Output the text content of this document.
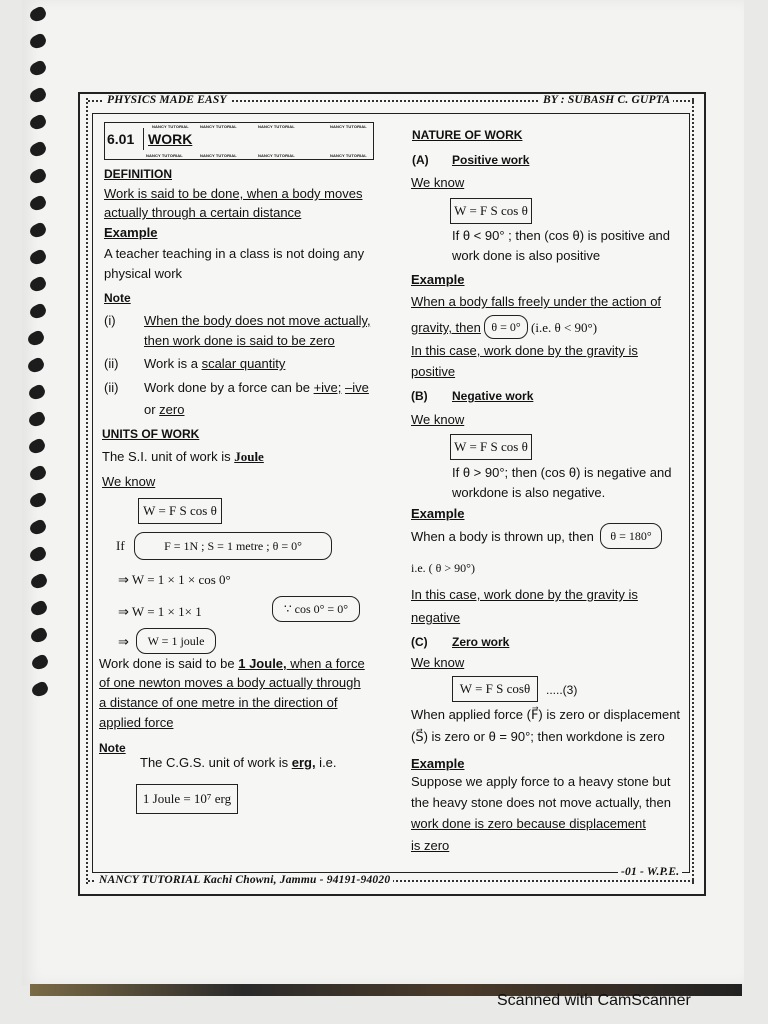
PHYSICS MADE EASY	BY : SUBASH C. GUPTA
NANCY TUTORIAL Kachi Chowni, Jammu - 94191-94020
-01 - W.P.E.
6.01 WORK
NANCY TUTORIAL	NANCY TUTORIAL	NANCY TUTORIAL	NANCY TUTORIAL
NANCY TUTORIAL	NANCY TUTORIAL	NANCY TUTORIAL	NANCY TUTORIAL
DEFINITION
Work is said to be done, when a body moves
actually through a certain distance
Example
A teacher teaching in a class is not doing any
physical work
Note
(i) When the body does not move actually,
then work done is said to be zero
(ii) Work is a scalar quantity
(ii) Work done by a force can be +ive; –ive
or zero
UNITS OF WORK
The S.I. unit of work is Joule
We know
W = F S cos θ
If	F = 1N ; S = 1 metre ; θ = 0°
⇒ W = 1 × 1 × cos 0°
⇒ W = 1 × 1× 1	∵ cos 0° = 0°
⇒	W = 1 joule
Work done is said to be 1 Joule, when a force
of one newton moves a body actually through
a distance of one metre in the direction of
applied force
Note
The C.G.S. unit of work is erg, i.e.
1 Joule = 10⁷ erg
NATURE OF WORK
(A) Positive work
We know
W = F S cos θ
If θ < 90° ; then (cos θ) is positive and
work done is also positive
Example
When a body falls freely under the action of
gravity, then θ = 0° (i.e. θ < 90°)
In this case, work done by the gravity is
positive
(B) Negative work
We know
W = F S cos θ
If θ > 90°; then (cos θ) is negative and
workdone is also negative.
Example
When a body is thrown up, then	θ = 180°
i.e. ( θ > 90°)
In this case, work done by the gravity is
negative
(C) Zero work
We know
W = F S cosθ	.....(3)
When applied force (F⃗) is zero or displacement
(S⃗) is zero or θ = 90°; then workdone is zero
Example
Suppose we apply force to a heavy stone but
the heavy stone does not move actually, then
work done is zero because displacement
is zero
Scanned with CamScanner
